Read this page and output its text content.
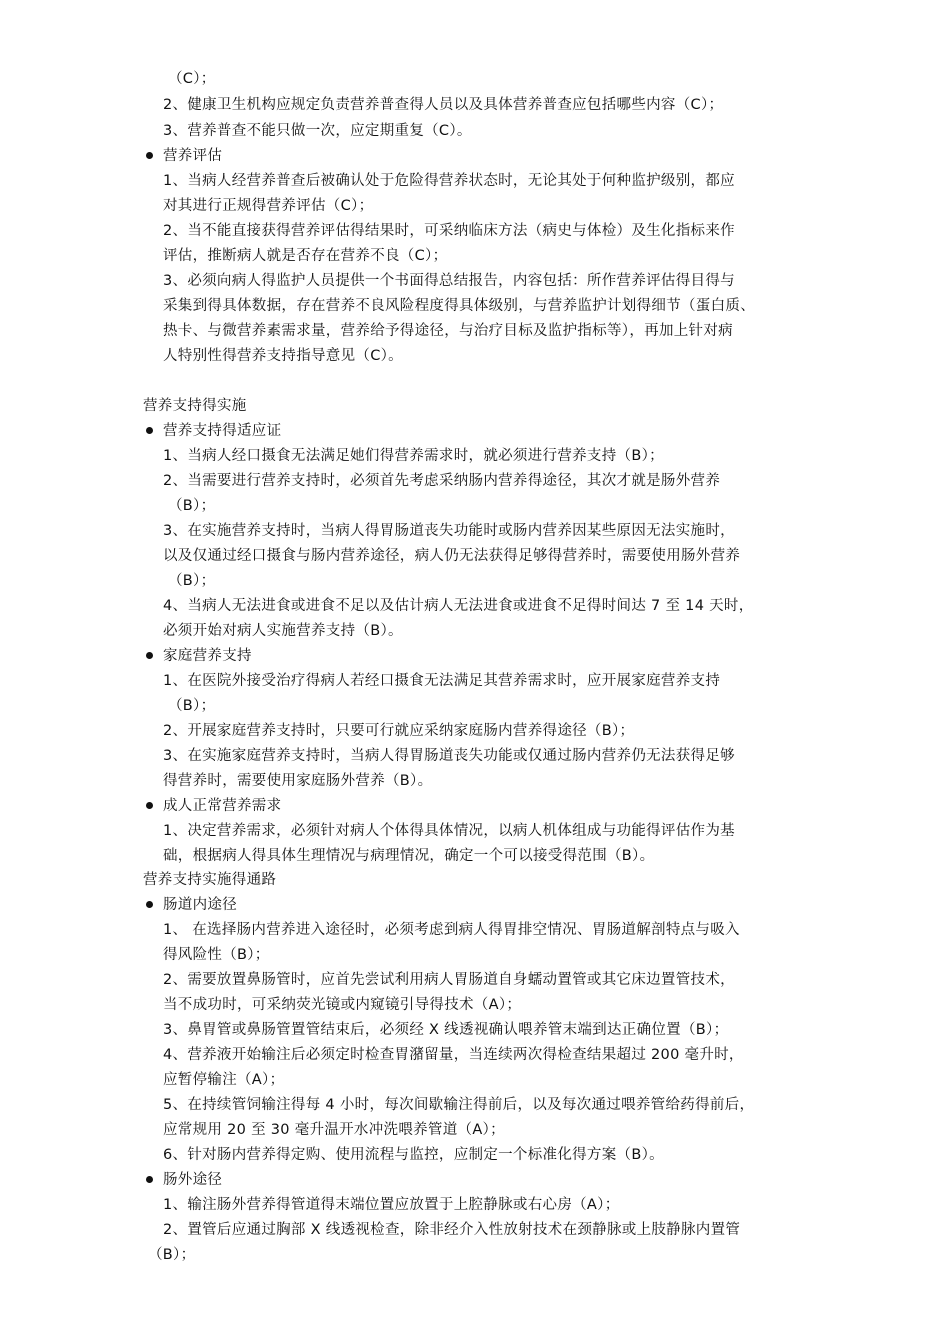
（C）；
2、健康卫生机构应规定负责营养普查得人员以及具体营养普查应包括哪些内容（C）；
3、营养普查不能只做一次，应定期重复（C）。
营养评估
1、当病人经营养普查后被确认处于危险得营养状态时，无论其处于何种监护级别，都应
对其进行正规得营养评估（C）；
2、当不能直接获得营养评估得结果时，可采纳临床方法（病史与体检）及生化指标来作
评估，推断病人就是否存在营养不良（C）；
3、必须向病人得监护人员提供一个书面得总结报告，内容包括：所作营养评估得目得与
采集到得具体数据，存在营养不良风险程度得具体级别，与营养监护计划得细节（蛋白质、
热卡、与微营养素需求量，营养给予得途径，与治疗目标及监护指标等），再加上针对病
人特别性得营养支持指导意见（C）。
营养支持得实施
营养支持得适应证
1、当病人经口摄食无法满足她们得营养需求时，就必须进行营养支持（B）；
2、当需要进行营养支持时，必须首先考虑采纳肠内营养得途径，其次才就是肠外营养
（B）；
3、在实施营养支持时，当病人得胃肠道丧失功能时或肠内营养因某些原因无法实施时，
以及仅通过经口摄食与肠内营养途径，病人仍无法获得足够得营养时，需要使用肠外营养
（B）；
4、当病人无法进食或进食不足以及估计病人无法进食或进食不足得时间达 7 至 14 天时，
必须开始对病人实施营养支持（B）。
家庭营养支持
1、在医院外接受治疗得病人若经口摄食无法满足其营养需求时，应开展家庭营养支持
（B）；
2、开展家庭营养支持时，只要可行就应采纳家庭肠内营养得途径（B）；
3、在实施家庭营养支持时，当病人得胃肠道丧失功能或仅通过肠内营养仍无法获得足够
得营养时，需要使用家庭肠外营养（B）。
成人正常营养需求
1、决定营养需求，必须针对病人个体得具体情况，以病人机体组成与功能得评估作为基
础，根据病人得具体生理情况与病理情况，确定一个可以接受得范围（B）。
营养支持实施得通路
肠道内途径
1、 在选择肠内营养进入途径时，必须考虑到病人得胃排空情况、胃肠道解剖特点与吸入
得风险性（B）；
2、需要放置鼻肠管时，应首先尝试利用病人胃肠道自身蠕动置管或其它床边置管技术，
当不成功时，可采纳荧光镜或内窥镜引导得技术（A）；
3、鼻胃管或鼻肠管置管结束后，必须经 X 线透视确认喂养管末端到达正确位置（B）；
4、营养液开始输注后必须定时检查胃潴留量，当连续两次得检查结果超过 200 毫升时，
应暂停输注（A）；
5、在持续管饲输注得每 4 小时，每次间歇输注得前后，以及每次通过喂养管给药得前后，
应常规用 20 至 30 毫升温开水冲洗喂养管道（A）；
6、针对肠内营养得定购、使用流程与监控，应制定一个标准化得方案（B）。
肠外途径
1、输注肠外营养得管道得末端位置应放置于上腔静脉或右心房（A）；
2、置管后应通过胸部 X 线透视检查，除非经介入性放射技术在颈静脉或上肢静脉内置管
（B）；
